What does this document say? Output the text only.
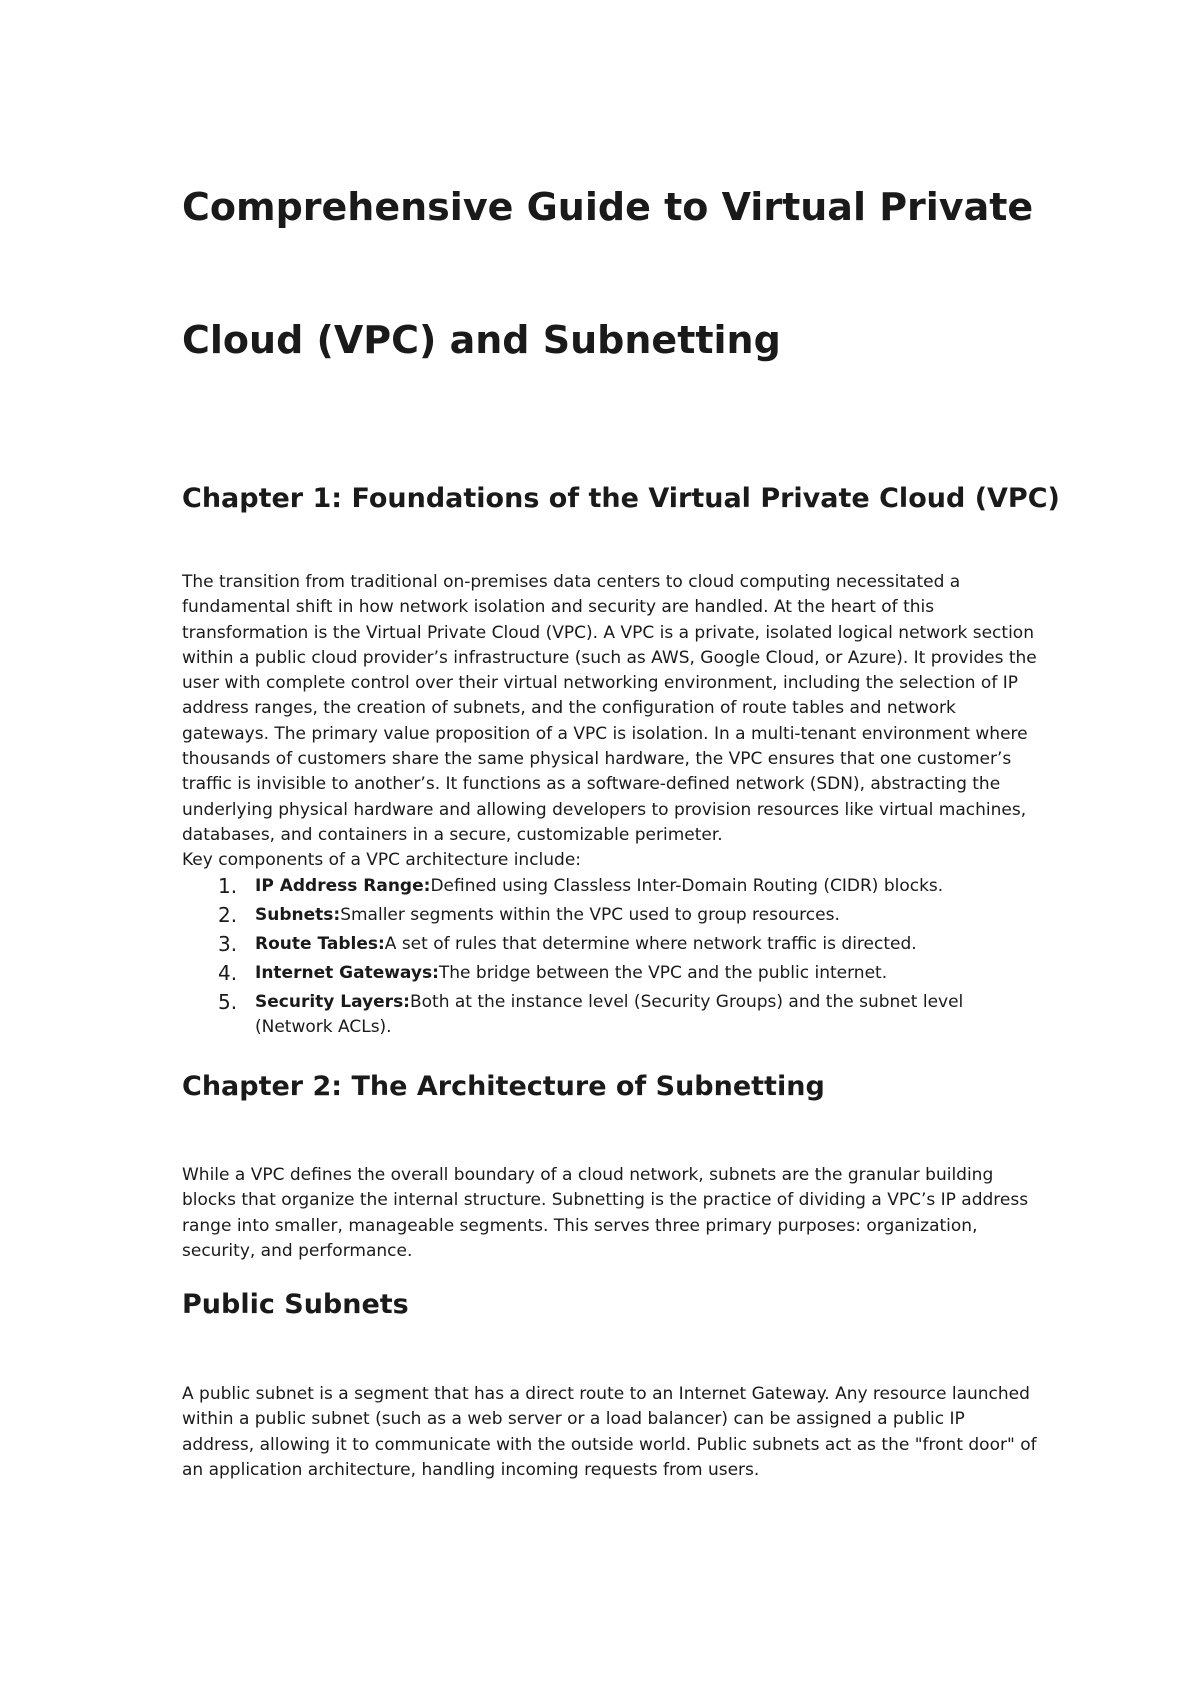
Comprehensive Guide to Virtual Private
Cloud (VPC) and Subnetting
Chapter 1: Foundations of the Virtual Private Cloud (VPC)
The transition from traditional on-premises data centers to cloud computing necessitated a fundamental shift in how network isolation and security are handled. At the heart of this transformation is the Virtual Private Cloud (VPC). A VPC is a private, isolated logical network section within a public cloud provider’s infrastructure (such as AWS, Google Cloud, or Azure). It provides the user with complete control over their virtual networking environment, including the selection of IP address ranges, the creation of subnets, and the configuration of route tables and network gateways. The primary value proposition of a VPC is isolation. In a multi-tenant environment where thousands of customers share the same physical hardware, the VPC ensures that one customer’s traffic is invisible to another’s. It functions as a software-defined network (SDN), abstracting the underlying physical hardware and allowing developers to provision resources like virtual machines, databases, and containers in a secure, customizable perimeter.
Key components of a VPC architecture include:
1. IP Address Range:Defined using Classless Inter-Domain Routing (CIDR) blocks.
2. Subnets:Smaller segments within the VPC used to group resources.
3. Route Tables:A set of rules that determine where network traffic is directed.
4. Internet Gateways:The bridge between the VPC and the public internet.
5. Security Layers:Both at the instance level (Security Groups) and the subnet level (Network ACLs).
Chapter 2: The Architecture of Subnetting

While a VPC defines the overall boundary of a cloud network, subnets are the granular building blocks that organize the internal structure. Subnetting is the practice of dividing a VPC’s IP address range into smaller, manageable segments. This serves three primary purposes: organization, security, and performance.

Public Subnets

A public subnet is a segment that has a direct route to an Internet Gateway. Any resource launched within a public subnet (such as a web server or a load balancer) can be assigned a public IP address, allowing it to communicate with the outside world. Public subnets act as the "front door" of an application architecture, handling incoming requests from users.
